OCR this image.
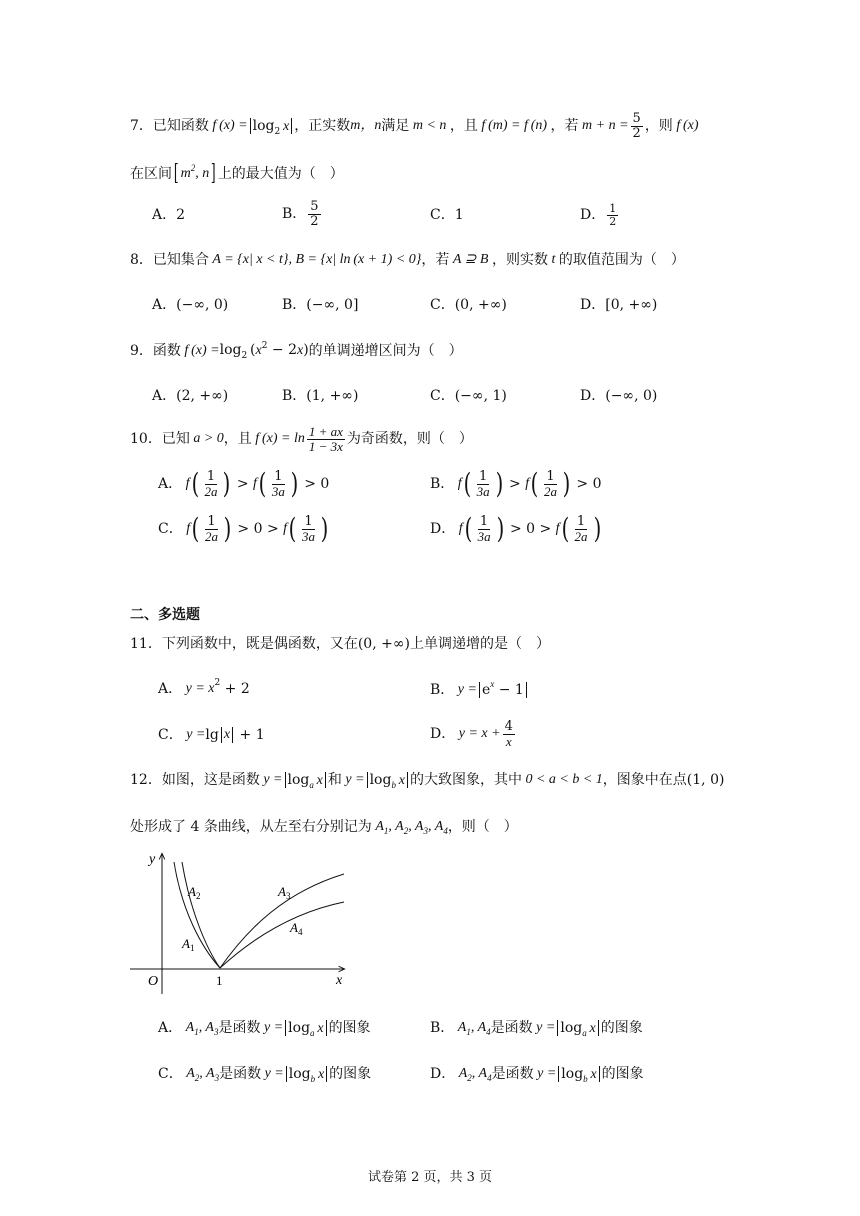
7． 已知函数 f $(x) = \log_2 x$ ，正实数 m，n 满足 m < n ，且 f (m) = f (n) ，若 $m + n = \frac{5}{2}$ ，则 f (x)
在区间 [ $m^2$, n ] 上的最大值为（　）
A． 2	B． $\frac{5}{2}$	C． 1	D． $\frac{1}{2}$
8． 已知集合 A = {x| x < t}, B = {x| ln (x + 1) < 0} ，若 A ⊇ B ，则实数 t 的取值范围为（　）
A． (−∞, 0)	B． (−∞, 0]	C． (0, +∞)	D． [0, +∞)
9． 函数 f $(x) = \log_2 (x^2 - 2x)$ 的单调递增区间为（　）
A． (2, +∞)	B． (1, +∞)	C． (−∞, 1)	D． (−∞, 0)
10． 已知 a > 0 ，且 f $(x) = \ln \frac{1 + ax}{1 - 3x}$ 为奇函数，则（　）
A． f ( $\frac{1}{2a}$ ) > f ( $\frac{1}{3a}$ ) > 0	B． f ( $\frac{1}{3a}$ ) > f ( $\frac{1}{2a}$ ) > 0
C． f ( $\frac{1}{2a}$ ) > 0 > f ( $\frac{1}{3a}$ )	D． f ( $\frac{1}{3a}$ ) > 0 > f ( $\frac{1}{2a}$ )
二、多选题
11． 下列函数中，既是偶函数，又在 (0, +∞) 上单调递增的是（　）
A． y = x 2 + 2	B． y = e x − 1
C． y = lg x + 1	D． $y = x + \frac{4}{x}$
12． 如图，这是函数 $y = \log_a x$ 和 $y = \log_b x$ 的大致图象，其中 0 < a < b < 1 ，图象中在点 (1, 0)
处形成了 4 条曲线，从左至右分别记为 $A_1$, $A_2$, $A_3$, $A_4$ ，则（　）
y
x
O	1
$A_2$
$A_1$
$A_3$
$A_4$
A． $A_1$, $A_3$ 是函数 $y = \log_a x$ 的图象	B． $A_1$, $A_4$ 是函数 $y = \log_a x$ 的图象
C． $A_2$, $A_3$ 是函数 $y = \log_b x$ 的图象	D． $A_2$, $A_4$ 是函数 $y = \log_b x$ 的图象
试卷第 2 页，共 3 页
